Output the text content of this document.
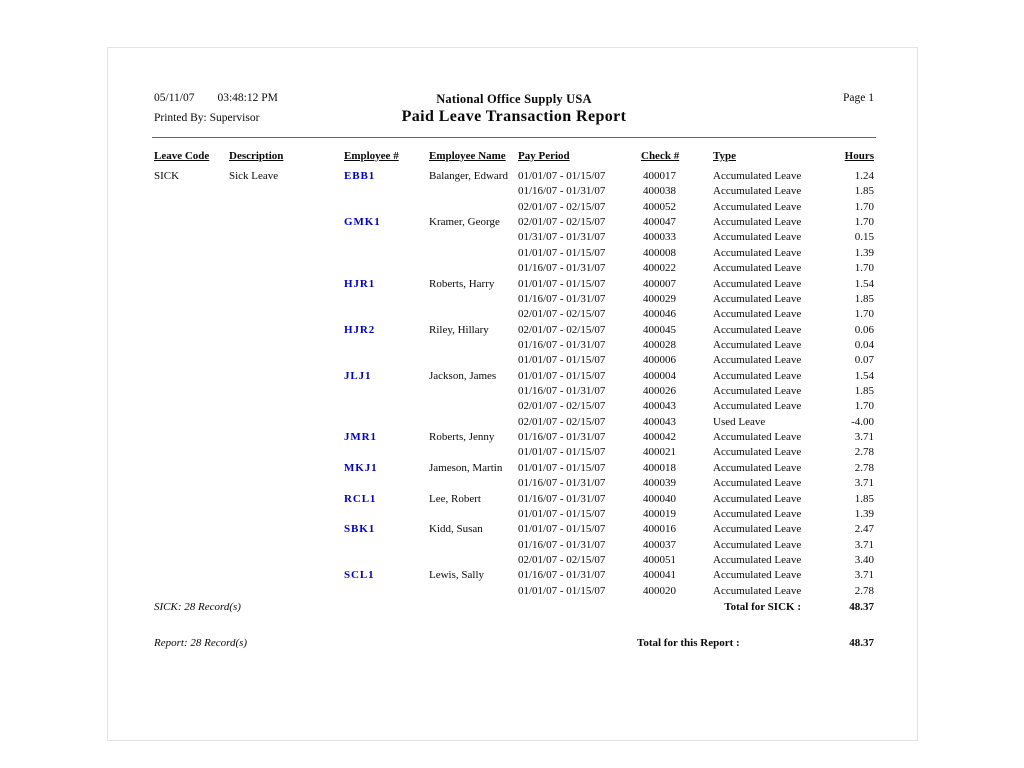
05/11/07 03:48:12 PM	National Office Supply USA	Page 1
Printed By: Supervisor	Paid Leave Transaction Report
Leave Code	Description	Employee #	Employee Name	Pay Period	Check #	Type	Hours
SICK	Sick Leave	EBB1	Balanger, Edward 01/01/07 - 01/15/07	400017	Accumulated Leave	1.24
01/16/07 - 01/31/07	400038	Accumulated Leave	1.85
02/01/07 - 02/15/07	400052	Accumulated Leave	1.70
GMK1	Kramer, George	02/01/07 - 02/15/07	400047	Accumulated Leave	1.70
01/31/07 - 01/31/07	400033	Accumulated Leave	0.15
01/01/07 - 01/15/07	400008	Accumulated Leave	1.39
01/16/07 - 01/31/07	400022	Accumulated Leave	1.70
HJR1	Roberts, Harry	01/01/07 - 01/15/07	400007	Accumulated Leave	1.54
01/16/07 - 01/31/07	400029	Accumulated Leave	1.85
02/01/07 - 02/15/07	400046	Accumulated Leave	1.70
HJR2	Riley, Hillary	02/01/07 - 02/15/07	400045	Accumulated Leave	0.06
01/16/07 - 01/31/07	400028	Accumulated Leave	0.04
01/01/07 - 01/15/07	400006	Accumulated Leave	0.07
JLJ1	Jackson, James	01/01/07 - 01/15/07	400004	Accumulated Leave	1.54
01/16/07 - 01/31/07	400026	Accumulated Leave	1.85
02/01/07 - 02/15/07	400043	Accumulated Leave	1.70
02/01/07 - 02/15/07	400043	Used Leave	-4.00
JMR1	Roberts, Jenny	01/16/07 - 01/31/07	400042	Accumulated Leave	3.71
01/01/07 - 01/15/07	400021	Accumulated Leave	2.78
MKJ1	Jameson, Martin	01/01/07 - 01/15/07	400018	Accumulated Leave	2.78
01/16/07 - 01/31/07	400039	Accumulated Leave	3.71
RCL1	Lee, Robert	01/16/07 - 01/31/07	400040	Accumulated Leave	1.85
01/01/07 - 01/15/07	400019	Accumulated Leave	1.39
SBK1	Kidd, Susan	01/01/07 - 01/15/07	400016	Accumulated Leave	2.47
01/16/07 - 01/31/07	400037	Accumulated Leave	3.71
02/01/07 - 02/15/07	400051	Accumulated Leave	3.40
SCL1	Lewis, Sally	01/16/07 - 01/31/07	400041	Accumulated Leave	3.71
01/01/07 - 01/15/07	400020	Accumulated Leave	2.78
SICK: 28 Record(s)	Total for SICK :	48.37
Report: 28 Record(s)	Total for this Report :	48.37
